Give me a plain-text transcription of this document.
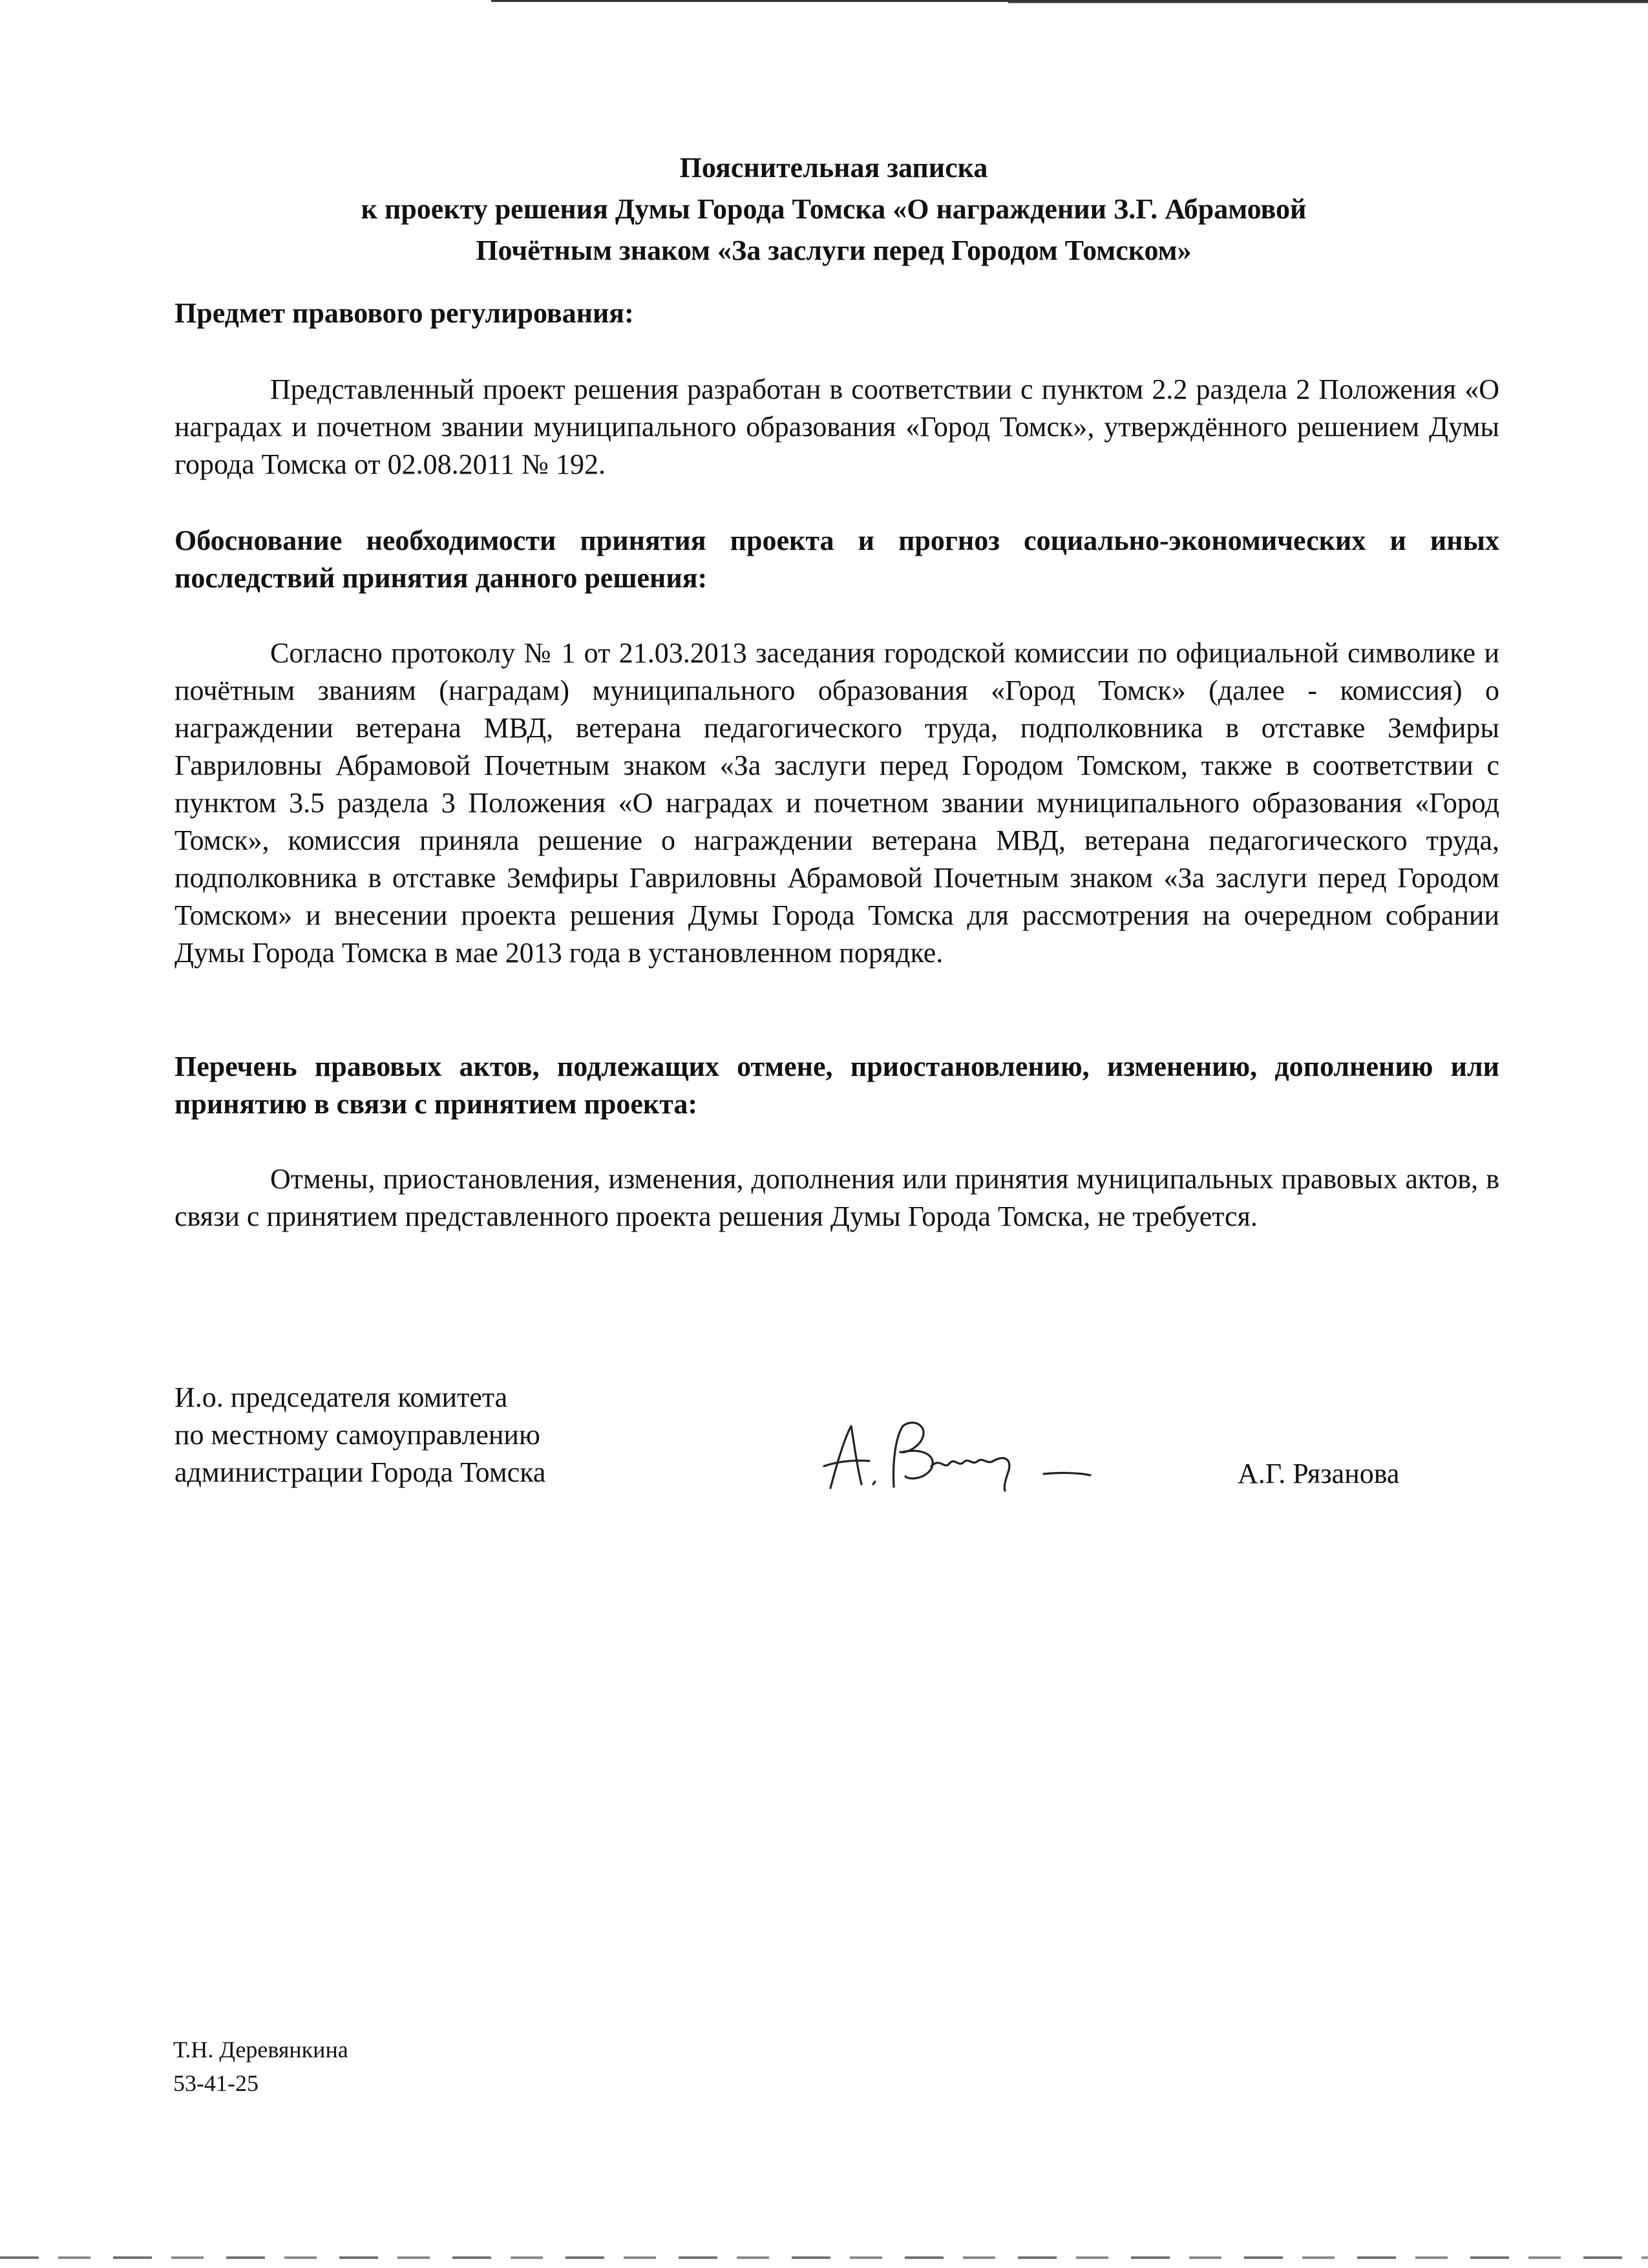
Пояснительная записка
к проекту решения Думы Города Томска «О награждении З.Г. Абрамовой
Почётным знаком «За заслуги перед Городом Томском»
Предмет правового регулирования:
Представленный проект решения разработан в соответствии с пунктом 2.2 раздела 2 Положения «О наградах и почетном звании муниципального образования «Город Томск», утверждённого решением Думы города Томска от 02.08.2011 № 192.
Обоснование необходимости принятия проекта и прогноз социально-экономических и иных последствий принятия данного решения:
Согласно протоколу № 1 от 21.03.2013 заседания городской комиссии по официальной символике и почётным званиям (наградам) муниципального образования «Город Томск» (далее - комиссия) о награждении ветерана МВД, ветерана педагогического труда, подполковника в отставке Земфиры Гавриловны Абрамовой Почетным знаком «За заслуги перед Городом Томском, также в соответствии с пунктом 3.5 раздела 3 Положения «О наградах и почетном звании муниципального образования «Город Томск», комиссия приняла решение о награждении ветерана МВД, ветерана педагогического труда, подполковника в отставке Земфиры Гавриловны Абрамовой Почетным знаком «За заслуги перед Городом Томском» и внесении проекта решения Думы Города Томска для рассмотрения на очередном собрании Думы Города Томска в мае 2013 года в установленном порядке.
Перечень правовых актов, подлежащих отмене, приостановлению, изменению, дополнению или принятию в связи с принятием проекта:
Отмены, приостановления, изменения, дополнения или принятия муниципальных правовых актов, в связи с принятием представленного проекта решения Думы Города Томска, не требуется.
И.о. председателя комитета
по местному самоуправлению
администрации Города Томска	А.Г. Рязанова
Т.Н. Деревянкина
53-41-25
